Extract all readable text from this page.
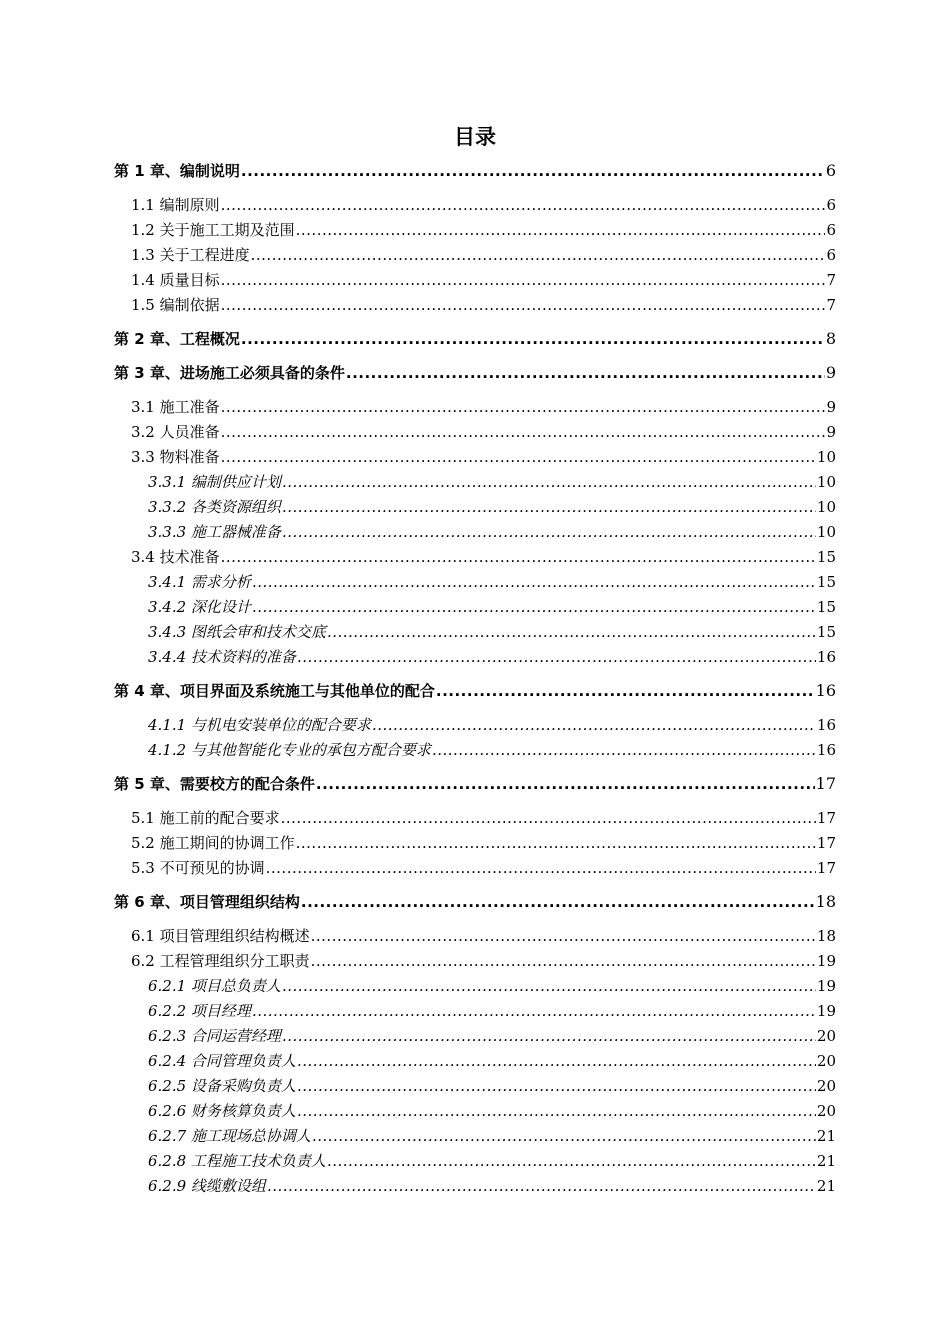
目录
第 1 章、编制说明 .....	6
1.1 编制原则 .....	6
1.2 关于施工工期及范围 .....	6
1.3 关于工程进度 .....	6
1.4 质量目标 .....	7
1.5 编制依据 .....	7
第 2 章、工程概况 .....	8
第 3 章、进场施工必须具备的条件 .....	9
3.1 施工准备 .....	9
3.2 人员准备 .....	9
3.3 物料准备 .....	10
3.3.1 编制供应计划 .....	10
3.3.2 各类资源组织 .....	10
3.3.3 施工器械准备 .....	10
3.4 技术准备 .....	15
3.4.1 需求分析 .....	15
3.4.2 深化设计 .....	15
3.4.3 图纸会审和技术交底 .....	15
3.4.4 技术资料的准备 .....	16
第 4 章、项目界面及系统施工与其他单位的配合 .....	16
4.1.1 与机电安装单位的配合要求 .....	16
4.1.2 与其他智能化专业的承包方配合要求 .....	16
第 5 章、需要校方的配合条件 .....	17
5.1 施工前的配合要求 .....	17
5.2 施工期间的协调工作 .....	17
5.3 不可预见的协调 .....	17
第 6 章、项目管理组织结构 .....	18
6.1 项目管理组织结构概述 .....	18
6.2 工程管理组织分工职责 .....	19
6.2.1 项目总负责人 .....	19
6.2.2 项目经理 .....	19
6.2.3 合同运营经理 .....	20
6.2.4 合同管理负责人 .....	20
6.2.5 设备采购负责人 .....	20
6.2.6 财务核算负责人 .....	20
6.2.7 施工现场总协调人 .....	21
6.2.8 工程施工技术负责人 .....	21
6.2.9 线缆敷设组 .....	21
